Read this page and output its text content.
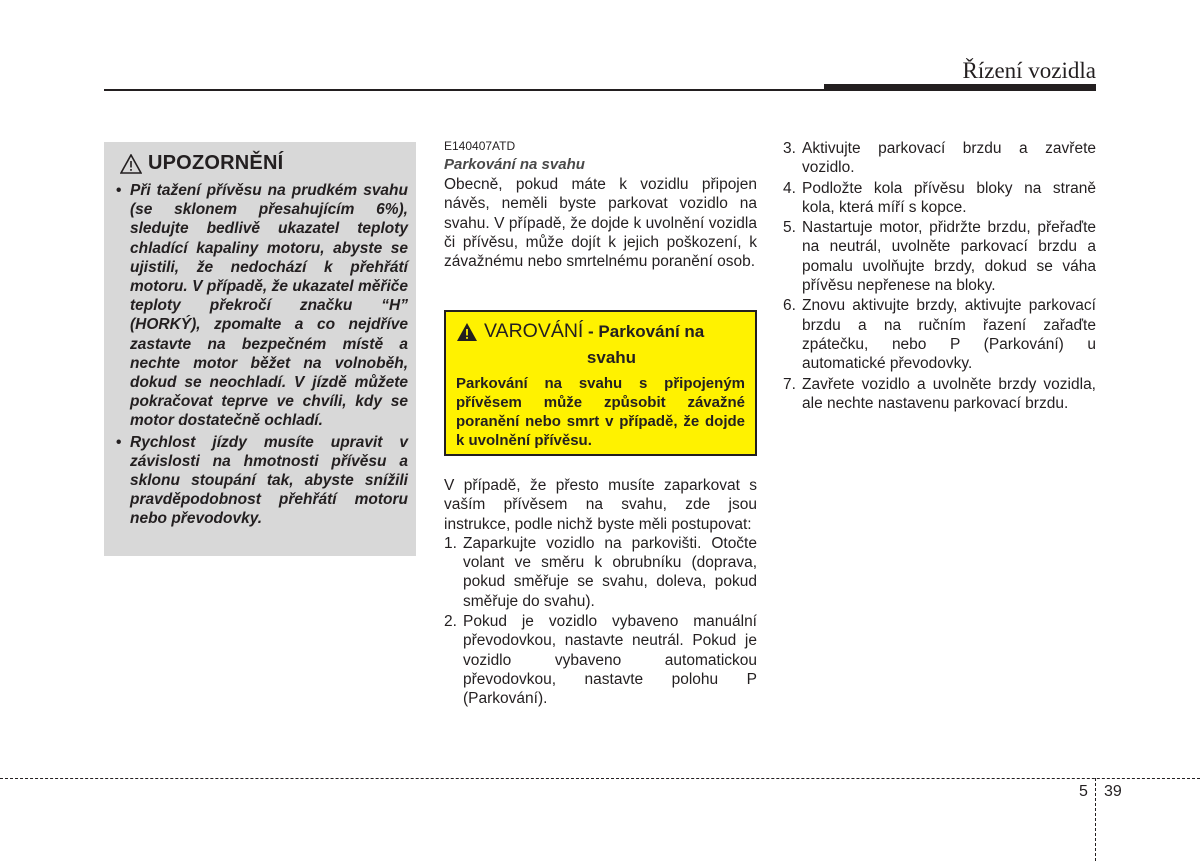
Řízení vozidla
UPOZORNĚNÍ
• Při tažení přívěsu na prudkém svahu (se sklonem přesahujícím 6%), sledujte bedlivě ukazatel teploty chladící kapaliny motoru, abyste se ujistili, že nedochází k přehřátí motoru. V případě, že ukazatel měřiče teploty překročí značku “H” (HORKÝ), zpomalte a co nejdříve zastavte na bezpečném místě a nechte motor běžet na volnoběh, dokud se neochladí. V jízdě můžete pokračovat teprve ve chvíli, kdy se motor dostatečně ochladí.
• Rychlost jízdy musíte upravit v závislosti na hmotnosti přívěsu a sklonu stoupání tak, abyste snížili pravděpodobnost přehřátí motoru nebo převodovky.
E140407ATD
Parkování na svahu
Obecně, pokud máte k vozidlu připojen návěs, neměli byste parkovat vozidlo na svahu. V případě, že dojde k uvolnění vozidla či přívěsu, může dojít k jejich poškození, k závažnému nebo smrtelnému poranění osob.
VAROVÁNÍ - Parkování na
svahu
Parkování na svahu s připojeným přívěsem může způsobit závažné poranění nebo smrt v případě, že dojde k uvolnění přívěsu.
V případě, že přesto musíte zaparkovat s vaším přívěsem na svahu, zde jsou instrukce, podle nichž byste měli postupovat:
1. Zaparkujte vozidlo na parkovišti. Otočte volant ve směru k obrubníku (doprava, pokud směřuje se svahu, doleva, pokud směřuje do svahu).
2. Pokud je vozidlo vybaveno manuální převodovkou, nastavte neutrál. Pokud je vozidlo vybaveno automatickou převodovkou, nastavte polohu P (Parkování).
3. Aktivujte parkovací brzdu a zavřete vozidlo.
4. Podložte kola přívěsu bloky na straně kola, která míří s kopce.
5. Nastartuje motor, přidržte brzdu, přeřaďte na neutrál, uvolněte parkovací brzdu a pomalu uvolňujte brzdy, dokud se váha přívěsu nepřenese na bloky.
6. Znovu aktivujte brzdy, aktivujte parkovací brzdu a na ručním řazení zařaďte zpátečku, nebo P (Parkování) u automatické převodovky.
7. Zavřete vozidlo a uvolněte brzdy vozidla, ale nechte nastavenu parkovací brzdu.
5 39
